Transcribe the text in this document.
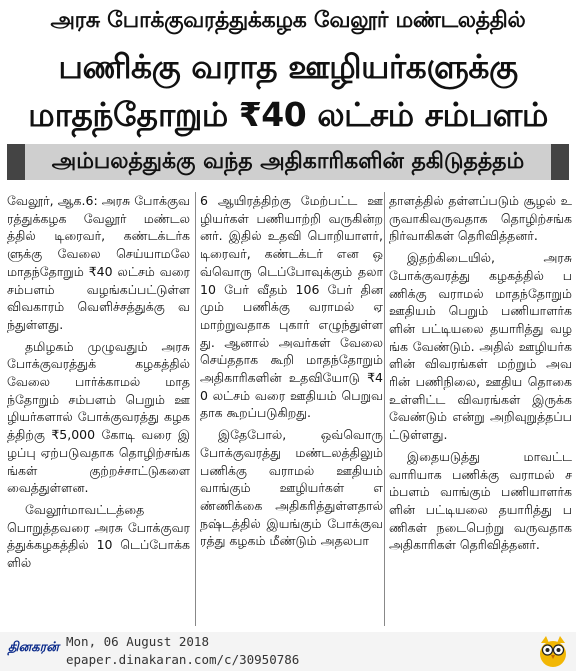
அரசு போக்குவரத்துக்கழக வேலூர் மண்டலத்தில்
பணிக்கு வராத ஊழியர்களுக்கு
மாதந்தோறும் ₹40 லட்சம் சம்பளம்
அம்பலத்துக்கு வந்த அதிகாரிகளின் தகிடுதத்தம்

வேலூர், ஆக.6: அரசு போக்குவரத்துக்கழக வேலூர் மண்டலத்தில் டிரைவர், கண்டக்டர்களுக்கு வேலை செய்யாமலே மாதந்தோறும் ₹40 லட்சம் வரை சம்பளம் வழங்கப்பட்டுள்ள விவகாரம் வெளிச்சத்துக்கு வந்துள்ளது.

தமிழகம் முழுவதும் அரசு போக்குவரத்துக் கழகத்தில் வேலை பார்க்காமல் மாதந்தோறும் சம்பளம் பெறும் ஊழியர்களால் போக்குவரத்து கழகத்திற்கு ₹5,000 கோடி வரை இழப்பு ஏற்படுவதாக தொழிற்சங்கங்கள் குற்றச்சாட்டுகளை வைத்துள்ளன.

வேலூர்மாவட்டத்தை பொறுத்தவரை அரசு போக்குவரத்துக்கழகத்தில் 10 டெப்போக்களில்

6 ஆயிரத்திற்கு மேற்பட்ட ஊழியர்கள் பணியாற்றி வருகின்றனர். இதில் உதவி பொறியாளர், டிரைவர், கண்டக்டர் என ஒவ்வொரு டெப்போவுக்கும் தலா 10 பேர் வீதம் 106 பேர் தினமும் பணிக்கு வராமல் ஏமாற்றுவதாக புகார் எழுந்துள்ளது. ஆனால் அவர்கள் வேலை செய்ததாக கூறி மாதந்தோறும் அதிகாரிகளின் உதவியோடு ₹40 லட்சம் வரை ஊதியம் பெறுவதாக கூறப்படுகிறது.

இதேபோல், ஒவ்வொரு போக்குவரத்து மண்டலத்திலும் பணிக்கு வராமல் ஊதியம் வாங்கும் ஊழியர்கள் எண்ணிக்கை அதிகரித்துள்ளதால் நஷ்டத்தில் இயங்கும் போக்குவரத்து கழகம் மீண்டும் அதலபா

தாளத்தில் தள்ளப்படும் சூழல் உருவாகிவருவதாக தொழிற்சங்க நிர்வாகிகள் தெரிவித்தனர்.

இதற்கிடையில், அரசு போக்குவரத்து கழகத்தில் பணிக்கு வராமல் மாதந்தோறும் ஊதியம் பெறும் பணியாளர்களின் பட்டியலை தயாரித்து வழங்க வேண்டும். அதில் ஊழியர்களின் விவரங்கள் மற்றும் அவரின் பணிநிலை, ஊதிய தொகை உள்ளிட்ட விவரங்கள் இருக்க வேண்டும் என்று அறிவுறுத்தப்பட்டுள்ளது.

இதையடுத்து மாவட்ட வாரியாக பணிக்கு வராமல் சம்பளம் வாங்கும் பணியாளர்களின் பட்டியலை தயாரித்து பணிகள் நடைபெற்று வருவதாக அதிகாரிகள் தெரிவித்தனர்.

தினகரன் Mon, 06 August 2018
epaper.dinakaran.com/c/30950786
